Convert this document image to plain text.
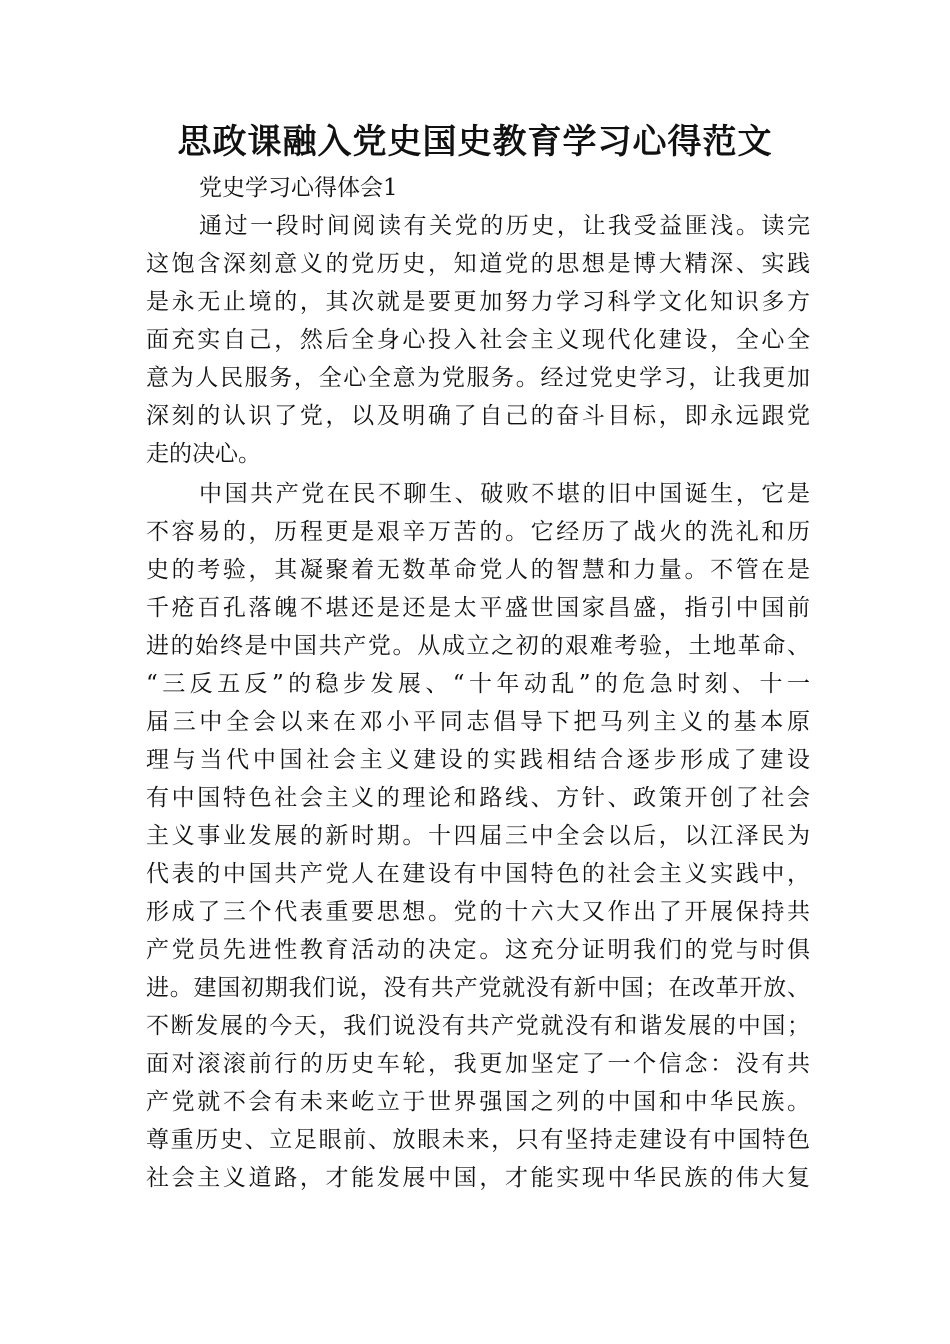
思政课融入党史国史教育学习心得范文
党史学习心得体会1
通过一段时间阅读有关党的历史，让我受益匪浅。读完
这饱含深刻意义的党历史，知道党的思想是博大精深、实践
是永无止境的，其次就是要更加努力学习科学文化知识多方
面充实自己，然后全身心投入社会主义现代化建设，全心全
意为人民服务，全心全意为党服务。经过党史学习，让我更加
深刻的认识了党，以及明确了自己的奋斗目标，即永远跟党
走的决心。
中国共产党在民不聊生、破败不堪的旧中国诞生，它是
不容易的，历程更是艰辛万苦的。它经历了战火的洗礼和历
史的考验，其凝聚着无数革命党人的智慧和力量。不管在是
千疮百孔落魄不堪还是还是太平盛世国家昌盛，指引中国前
进的始终是中国共产党。从成立之初的艰难考验，土地革命、
“三反五反”的稳步发展、“十年动乱”的危急时刻、十一
届三中全会以来在邓小平同志倡导下把马列主义的基本原
理与当代中国社会主义建设的实践相结合逐步形成了建设
有中国特色社会主义的理论和路线、方针、政策开创了社会
主义事业发展的新时期。十四届三中全会以后，以江泽民为
代表的中国共产党人在建设有中国特色的社会主义实践中，
形成了三个代表重要思想。党的十六大又作出了开展保持共
产党员先进性教育活动的决定。这充分证明我们的党与时俱
进。建国初期我们说，没有共产党就没有新中国；在改革开放、
不断发展的今天，我们说没有共产党就没有和谐发展的中国；
面对滚滚前行的历史车轮，我更加坚定了一个信念：没有共
产党就不会有未来屹立于世界强国之列的中国和中华民族。
尊重历史、立足眼前、放眼未来，只有坚持走建设有中国特色
社会主义道路，才能发展中国，才能实现中华民族的伟大复
